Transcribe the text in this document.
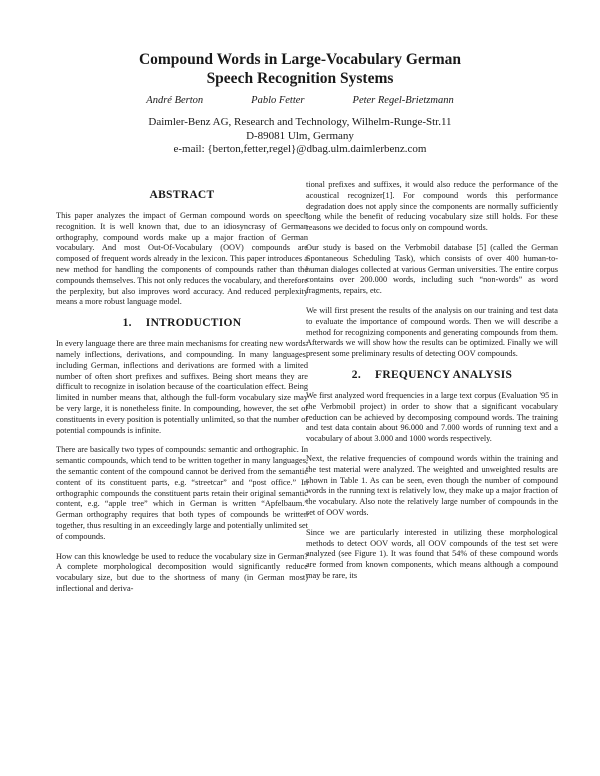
Compound Words in Large-Vocabulary German
Speech Recognition Systems
André Berton	Pablo Fetter	Peter Regel-Brietzmann
Daimler-Benz AG, Research and Technology, Wilhelm-Runge-Str.11
D-89081 Ulm, Germany
e-mail: {berton,fetter,regel}@dbag.ulm.daimlerbenz.com
ABSTRACT

This paper analyzes the impact of German compound words on speech recognition. It is well known that, due to an idiosyncrasy of German orthography, compound words make up a major fraction of German vocabulary. And most Out-Of-Vocabulary (OOV) compounds are composed of frequent words already in the lexicon. This paper introduces a new method for handling the components of compounds rather than the compounds themselves. This not only reduces the vocabulary, and therefore the perplexity, but also improves word accuracy. And reduced perplexity means a more robust language model.

1. INTRODUCTION

In every language there are three main mechanisms for creating new words: namely inflections, derivations, and compounding. In many languages, including German, inflections and derivations are formed with a limited number of often short prefixes and suffixes. Being short means they are difficult to recognize in isolation because of the coarticulation effect. Being limited in number means that, although the full-form vocabulary size may be very large, it is nonetheless finite. In compounding, however, the set of constituents in every position is potentially unlimited, so that the number of potential compounds is infinite.

There are basically two types of compounds: semantic and orthographic. In semantic compounds, which tend to be written together in many languages, the semantic content of the compound cannot be derived from the semantic content of its constituent parts, e.g. “streetcar” and “post office.” In orthographic compounds the constituent parts retain their original semantic content, e.g. “apple tree” which in German is written “Apfelbaum.” German orthography requires that both types of compounds be written together, thus resulting in an exceedingly large and potentially unlimited set of compounds.

How can this knowledge be used to reduce the vocabulary size in German? A complete morphological decomposition would significantly reduce vocabulary size, but due to the shortness of many (in German most) inflectional and deriva-

tional prefixes and suffixes, it would also reduce the performance of the acoustical recognizer[1]. For compound words this performance degradation does not apply since the components are normally sufficiently long while the benefit of reducing vocabulary size still holds. For these reasons we decided to focus only on compound words.

Our study is based on the Verbmobil database [5] (called the German Spontaneous Scheduling Task), which consists of over 400 human-to-human dialoges collected at various German universities. The entire corpus contains over 200.000 words, including such “non-words” as word fragments, repairs, etc.

We will first present the results of the analysis on our training and test data to evaluate the importance of compound words. Then we will describe a method for recognizing components and generating compounds from them. Afterwards we will show how the results can be optimized. Finally we will present some preliminary results of detecting OOV compounds.

2. FREQUENCY ANALYSIS

We first analyzed word frequencies in a large text corpus (Evaluation '95 in the Verbmobil project) in order to show that a significant vocabulary reduction can be achieved by decomposing compound words. The training and test data contain about 96.000 and 7.000 words of running text and a vocabulary of about 3.000 and 1000 words respectively.

Next, the relative frequencies of compound words within the training and the test material were analyzed. The weighted and unweighted results are shown in Table 1. As can be seen, even though the number of compound words in the running text is relatively low, they make up a major fraction of the vocabulary. Also note the relatively large number of compounds in the set of OOV words.

Since we are particularly interested in utilizing these morphological methods to detect OOV words, all OOV compounds of the test set were analyzed (see Figure 1). It was found that 54% of these compound words are formed from known components, which means although a compound may be rare, its
